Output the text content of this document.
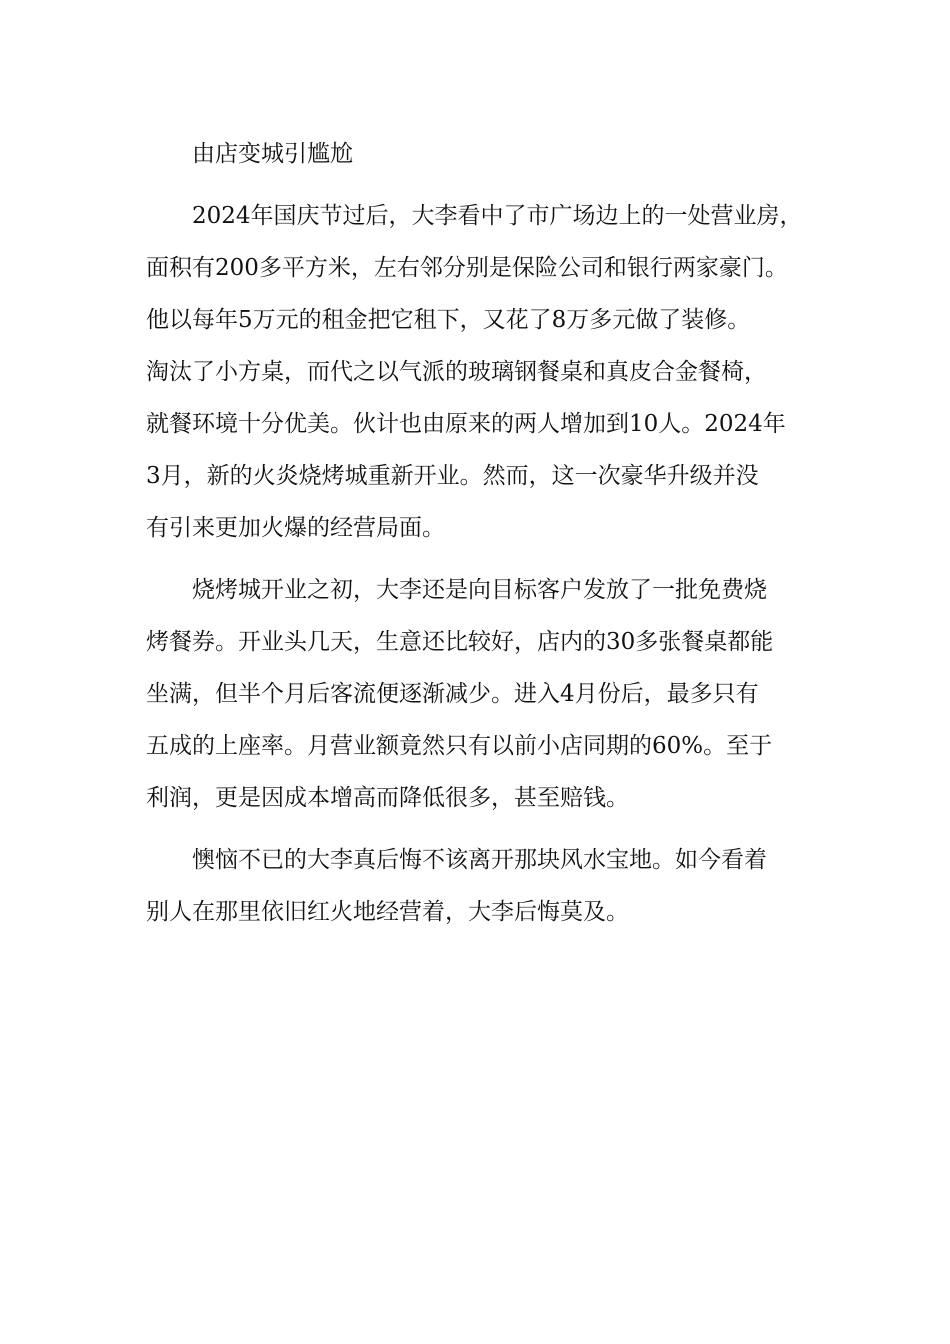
由店变城引尴尬
2024年国庆节过后，大李看中了市广场边上的一处营业房，
面积有200多平方米，左右邻分别是保险公司和银行两家豪门。
他以每年5万元的租金把它租下，又花了8万多元做了装修。
淘汰了小方桌，而代之以气派的玻璃钢餐桌和真皮合金餐椅，
就餐环境十分优美。伙计也由原来的两人增加到10人。2024年
3月，新的火炎烧烤城重新开业。然而，这一次豪华升级并没
有引来更加火爆的经营局面。
烧烤城开业之初，大李还是向目标客户发放了一批免费烧
烤餐券。开业头几天，生意还比较好，店内的30多张餐桌都能
坐满，但半个月后客流便逐渐减少。进入4月份后，最多只有
五成的上座率。月营业额竟然只有以前小店同期的60%。至于
利润，更是因成本增高而降低很多，甚至赔钱。
懊恼不已的大李真后悔不该离开那块风水宝地。如今看着
别人在那里依旧红火地经营着，大李后悔莫及。
